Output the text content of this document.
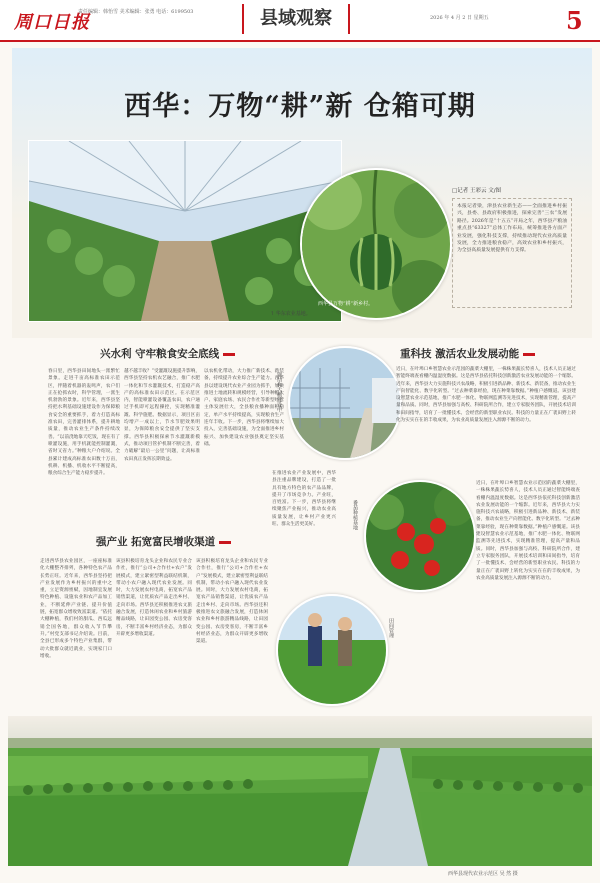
周口日报
责任编辑：韩怡雪 美术编辑：张勇 电话：6199503	县域观察	2026 年 4 月 2 日 星期五	5
西华：万物“耕”新 仓箱可期
↑ 华东农业基地。
西华县万物“耕”新乡村。
□记者 王彩云 文/图
本报记者梁，津县农业新生态——全面推进乡村振兴，县委、县政府积极推进，探索完善“三农”发展路径。2026年是“十五五”开局之年，西华县产粮油重点县“63327”总体工作布局，统筹推进各方面产业发展，强化科技支撑，持续推动现代农业高质量发展，全力推进粮食稳产，高效农业和乡村振兴，为全县高质量发展提供有力支撑。
兴水利 守牢粮食安全底线	重科技 激活农业发展动能
强产业 拓宽富民增收渠道
春日里，西华县田间地头一派繁忙景象。走进千亩高标准农田示范区，伴随着机器的轰鸣声，农户们正在抢抓农时，科学管理，一派生机勃勃的景象。近年来，西华县坚持把水利基础设施建设作为保障粮食安全的重要抓手，着力打造高标准农田，完善灌排体系，提升耕地质量，推动农业生产条件持续改善。“以前浇地靠天吃饭，现在有了喷灌设施，用手机就能控制灌溉，省时又省力。”种粮大户介绍说。全县累计建成高标准农田数十万亩，机耕、机播、机收水平不断提高，粮食综合生产能力稳步提升。
越不越丰收？”受灌溉设施提升影响，西华县坚持农机农艺融合，推广水肥一体化和节水灌溉技术，打造稳产高产的高标准农田示范区。在示范区内，智能喷灌设备覆盖农田，农户通过手机即可远程操控，实现精准灌溉、科学施肥。数据显示，项目区亩均增产一成以上，节水节肥效果明显，为保障粮食安全提供了坚实支撑。西华县积极探索节水灌溉新模式，推动项目管护机制不断完善，着力破解“最后一公里”问题，让高标准农田真正发挥长期效益。
以农机化带动，大力推广新技术、新装备，持续提升农业综合生产能力。西华县以建设现代农业产业园为抓手，加快推进土地流转和规模经营，引导种粮大户、家庭农场、农民合作社等新型经营主体发展壮大，全县粮食播种面积稳定，单产水平持续提高，实现粮食生产连年丰收。下一步，西华县将继续加大投入，完善基础设施，为全面推进乡村振兴、加快建设农业强县奠定坚实基础。
钢结构大棚建设中
番茄种植基地
走进西华县农业园区，一座座标准化大棚整齐排列，各种特色农产品长势正旺。近年来，西华县坚持把产业发展作为乡村振兴的重中之重，立足资源禀赋，因地制宜发展特色种植、设施农业和农产品加工业，不断延伸产业链、提升价值链，拓宽群众增收致富渠道。“依托大棚种植，我们村的甜瓜、西瓜远销全国各地，群众收入节节攀升。”村党支部书记介绍说。目前，全县已形成多个特色产业集群，带动大批群众就近就业，实现家门口增收。
该县积极培育龙头企业和农民专业合作社，推行“公司+合作社+农户”发展模式，建立紧密型利益联结机制，带动小农户融入现代农业发展。同时，大力发展农村电商，拓宽农产品销售渠道，让优质农产品走出乡村、走向市场。西华县还积极推进农文旅融合发展，打造休闲农业和乡村旅游精品线路，让田园变公园、农房变客房，不断丰富乡村经济业态，为群众开辟更多增收渠道。
该县积极培育龙头企业和农民专业合作社，推行“公司+合作社+农户”发展模式，建立紧密型利益联结机制，带动小农户融入现代农业发展。同时，大力发展农村电商，拓宽农产品销售渠道，让优质农产品走出乡村、走向市场。西华县还积极推进农文旅融合发展，打造休闲农业和乡村旅游精品线路，让田园变公园、农房变客房，不断丰富乡村经济业态，为群众开辟更多增收渠道。
在推进农业产业发展中，西华县注重品牌建设，打造了一批具有地方特色的农产品品牌，提升了市场竞争力。产业旺，百姓富。下一步，西华县将继续聚焦产业振兴，推动农业高质量发展，让乡村产业更兴旺、群众生活更美好。
田间管理
近日，在叶埠口乡智慧农业示范园的蔬菜大棚里，一株株果蔬长势喜人，技术人员正通过智能终端查看棚内温湿度数据。这是西华县依托科技创新激活农业发展动能的一个缩影。近年来，西华县大力实施科技兴农战略，积极引进新品种、新技术、新装备，推动农业生产向智能化、数字化转型。“过去种菜靠经验，现在种菜靠数据。”种植户感慨道。该县建设智慧农业示范基地，推广水肥一体化、物联网监测等先进技术，实现精准管理，提高产量和品质。同时，西华县加强与高校、科研院所合作，建立专家服务团队，开展技术培训和田间指导，培育了一批懂技术、会经营的新型职业农民。科技的力量正在广袤田野上转化为实实在在的丰收成果，为农业高质量发展注入源源不断的动力。
近日，在叶埠口乡智慧农业示范园的蔬菜大棚里，一株株果蔬长势喜人，技术人员正通过智能终端查看棚内温湿度数据。这是西华县依托科技创新激活农业发展动能的一个缩影。近年来，西华县大力实施科技兴农战略，积极引进新品种、新技术、新装备，推动农业生产向智能化、数字化转型。“过去种菜靠经验，现在种菜靠数据。”种植户感慨道。该县建设智慧农业示范基地，推广水肥一体化、物联网监测等先进技术，实现精准管理，提高产量和品质。同时，西华县加强与高校、科研院所合作，建立专家服务团队，开展技术培训和田间指导，培育了一批懂技术、会经营的新型职业农民。科技的力量正在广袤田野上转化为实实在在的丰收成果，为农业高质量发展注入源源不断的动力。
西华县现代农业示范区 吴 然 摄
